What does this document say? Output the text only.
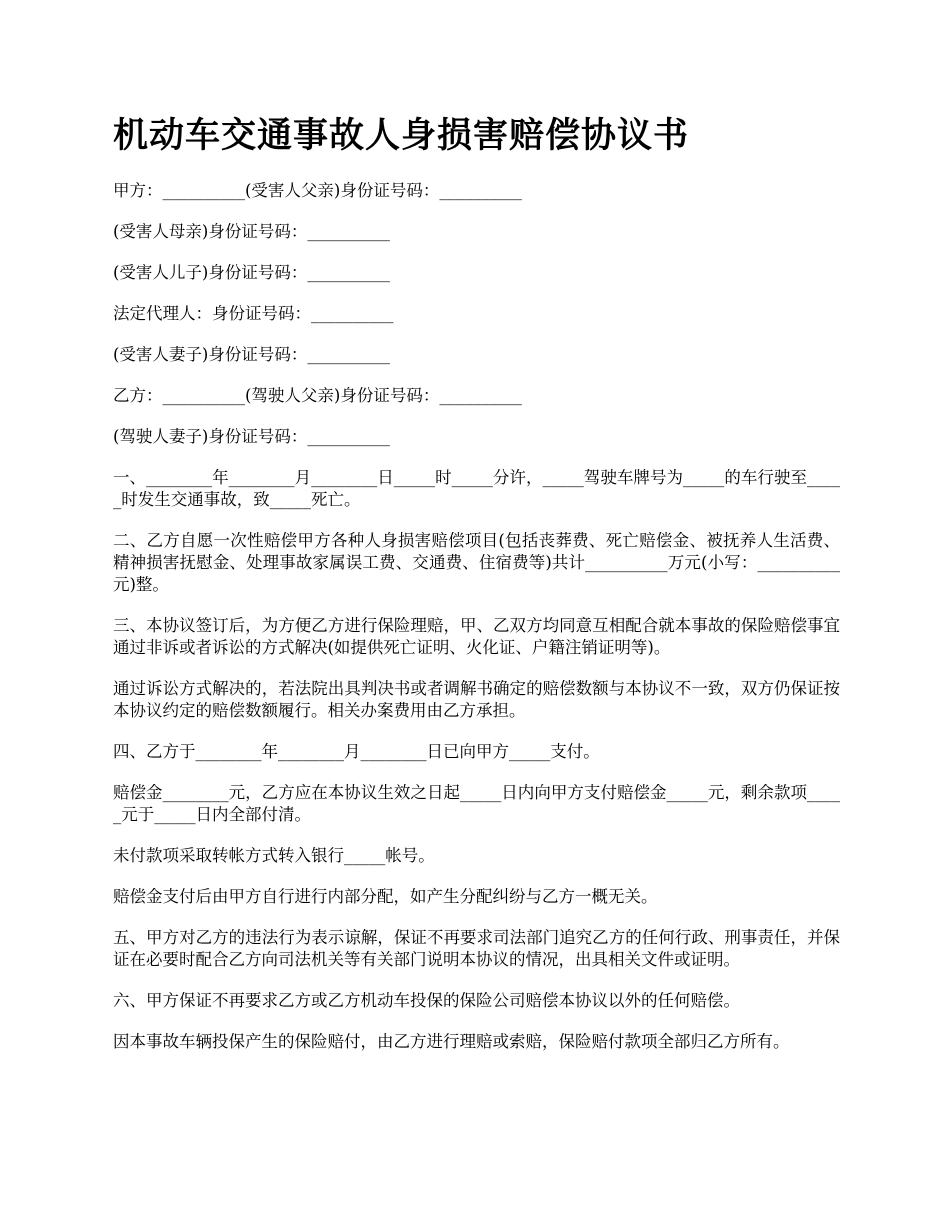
机动车交通事故人身损害赔偿协议书

甲方：__________(受害人父亲)身份证号码：__________

(受害人母亲)身份证号码：__________

(受害人儿子)身份证号码：__________

法定代理人：身份证号码：__________

(受害人妻子)身份证号码：__________

乙方：__________(驾驶人父亲)身份证号码：__________

(驾驶人妻子)身份证号码：__________

一、________年________月________日_____时_____分许，_____驾驶车牌号为_____的车行驶至_____时发生交通事故，致_____死亡。

二、乙方自愿一次性赔偿甲方各种人身损害赔偿项目(包括丧葬费、死亡赔偿金、被抚养人生活费、精神损害抚慰金、处理事故家属误工费、交通费、住宿费等)共计__________万元(小写：__________元)整。

三、本协议签订后，为方便乙方进行保险理赔，甲、乙双方均同意互相配合就本事故的保险赔偿事宜通过非诉或者诉讼的方式解决(如提供死亡证明、火化证、户籍注销证明等)。

通过诉讼方式解决的，若法院出具判决书或者调解书确定的赔偿数额与本协议不一致，双方仍保证按本协议约定的赔偿数额履行。相关办案费用由乙方承担。

四、乙方于________年________月________日已向甲方_____支付。

赔偿金________元，乙方应在本协议生效之日起_____日内向甲方支付赔偿金_____元，剩余款项_____元于_____日内全部付清。

未付款项采取转帐方式转入银行_____帐号。

赔偿金支付后由甲方自行进行内部分配，如产生分配纠纷与乙方一概无关。

五、甲方对乙方的违法行为表示谅解，保证不再要求司法部门追究乙方的任何行政、刑事责任，并保证在必要时配合乙方向司法机关等有关部门说明本协议的情况，出具相关文件或证明。

六、甲方保证不再要求乙方或乙方机动车投保的保险公司赔偿本协议以外的任何赔偿。

因本事故车辆投保产生的保险赔付，由乙方进行理赔或索赔，保险赔付款项全部归乙方所有。
